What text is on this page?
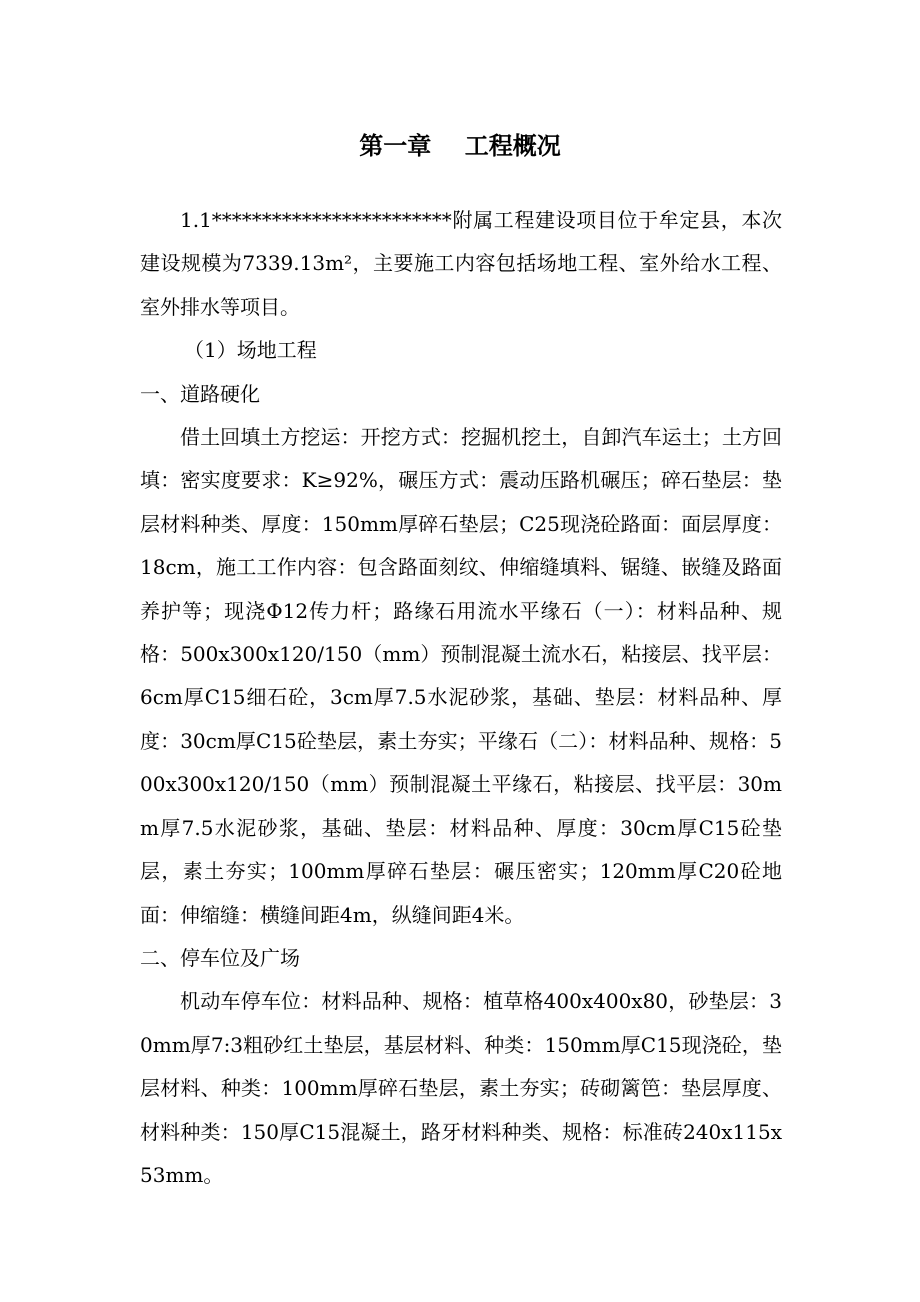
第一章    工程概况

1.1************************附属工程建设项目位于牟定县，本次建设规模为7339.13m²，主要施工内容包括场地工程、室外给水工程、室外排水等项目。

（1）场地工程

一、道路硬化

借土回填土方挖运：开挖方式：挖掘机挖土，自卸汽车运土；土方回填：密实度要求：K≥92%，碾压方式：震动压路机碾压；碎石垫层：垫层材料种类、厚度：150mm厚碎石垫层；C25现浇砼路面：面层厚度：18cm，施工工作内容：包含路面刻纹、伸缩缝填料、锯缝、嵌缝及路面养护等；现浇Φ12传力杆；路缘石用流水平缘石（一）：材料品种、规格：500x300x120/150（mm）预制混凝土流水石，粘接层、找平层：6cm厚C15细石砼，3cm厚7.5水泥砂浆，基础、垫层：材料品种、厚度：30cm厚C15砼垫层，素土夯实；平缘石（二）：材料品种、规格：500x300x120/150（mm）预制混凝土平缘石，粘接层、找平层：30mm厚7.5水泥砂浆，基础、垫层：材料品种、厚度：30cm厚C15砼垫层，素土夯实；100mm厚碎石垫层：碾压密实；120mm厚C20砼地面：伸缩缝：横缝间距4m，纵缝间距4米。

二、停车位及广场

机动车停车位：材料品种、规格：植草格400x400x80，砂垫层：30mm厚7:3粗砂红土垫层，基层材料、种类：150mm厚C15现浇砼，垫层材料、种类：100mm厚碎石垫层，素土夯实；砖砌篱笆：垫层厚度、材料种类：150厚C15混凝土，路牙材料种类、规格：标准砖240x115x53mm。
